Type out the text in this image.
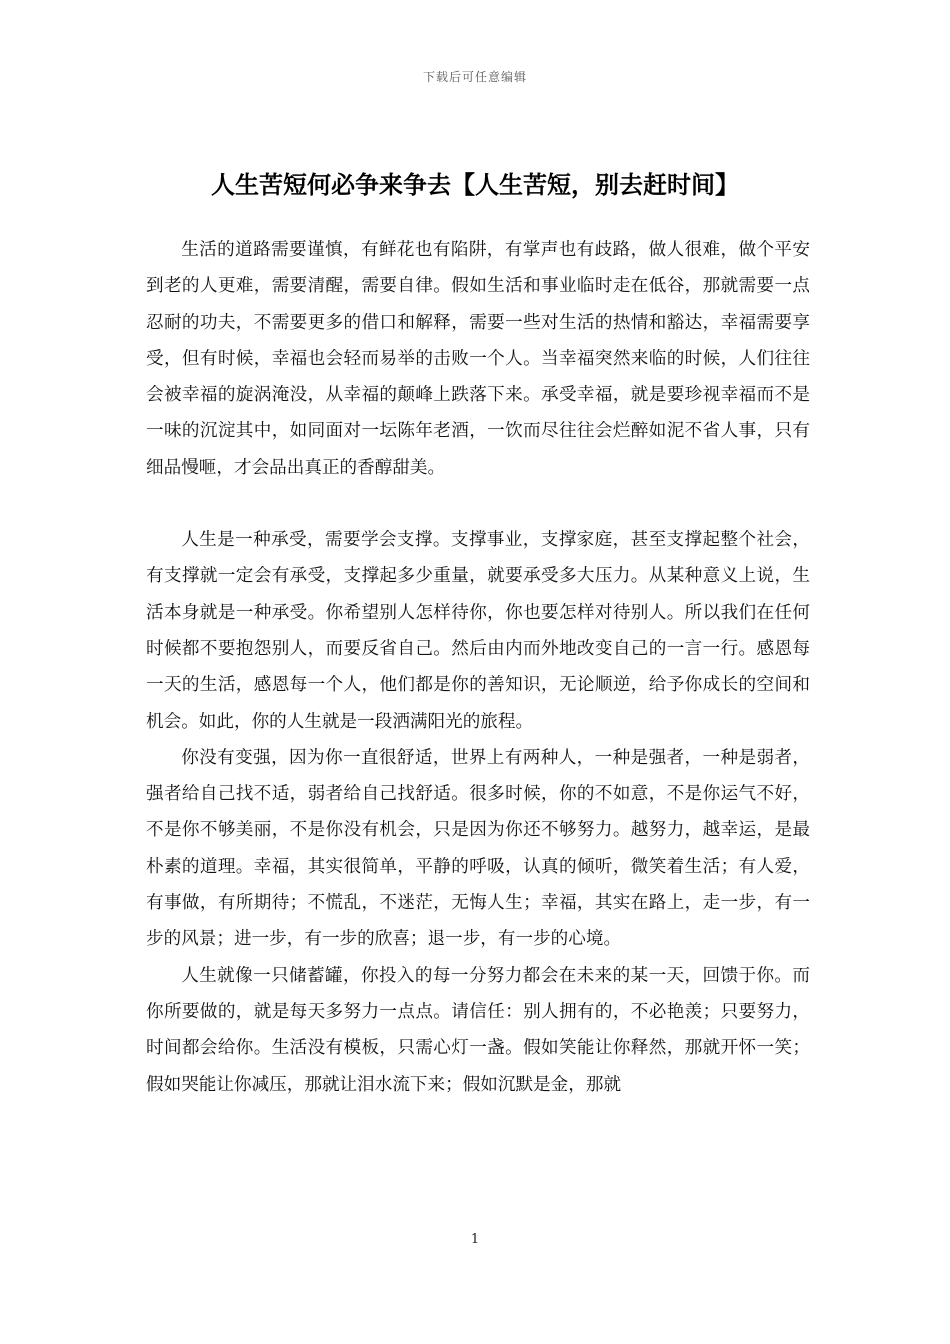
下载后可任意编辑
人生苦短何必争来争去【人生苦短，别去赶时间】

生活的道路需要谨慎，有鲜花也有陷阱，有掌声也有歧路，做人很难，做个平安到老的人更难，需要清醒，需要自律。假如生活和事业临时走在低谷，那就需要一点忍耐的功夫，不需要更多的借口和解释，需要一些对生活的热情和豁达，幸福需要享受，但有时候，幸福也会轻而易举的击败一个人。当幸福突然来临的时候，人们往往会被幸福的旋涡淹没，从幸福的颠峰上跌落下来。承受幸福，就是要珍视幸福而不是一味的沉淀其中，如同面对一坛陈年老酒，一饮而尽往往会烂醉如泥不省人事，只有细品慢咂，才会品出真正的香醇甜美。

人生是一种承受，需要学会支撑。支撑事业，支撑家庭，甚至支撑起整个社会，有支撑就一定会有承受，支撑起多少重量，就要承受多大压力。从某种意义上说，生活本身就是一种承受。你希望别人怎样待你，你也要怎样对待别人。所以我们在任何时候都不要抱怨别人，而要反省自己。然后由内而外地改变自己的一言一行。感恩每一天的生活，感恩每一个人，他们都是你的善知识，无论顺逆，给予你成长的空间和机会。如此，你的人生就是一段洒满阳光的旅程。

你没有变强，因为你一直很舒适，世界上有两种人，一种是强者，一种是弱者，强者给自己找不适，弱者给自己找舒适。很多时候，你的不如意，不是你运气不好，不是你不够美丽，不是你没有机会，只是因为你还不够努力。越努力，越幸运，是最朴素的道理。幸福，其实很简单，平静的呼吸，认真的倾听，微笑着生活；有人爱，有事做，有所期待；不慌乱，不迷茫，无悔人生；幸福，其实在路上，走一步，有一步的风景；进一步，有一步的欣喜；退一步，有一步的心境。

人生就像一只储蓄罐，你投入的每一分努力都会在未来的某一天，回馈于你。而你所要做的，就是每天多努力一点点。请信任：别人拥有的，不必艳羡；只要努力，时间都会给你。生活没有模板，只需心灯一盏。假如笑能让你释然，那就开怀一笑；假如哭能让你减压，那就让泪水流下来；假如沉默是金，那就

1
